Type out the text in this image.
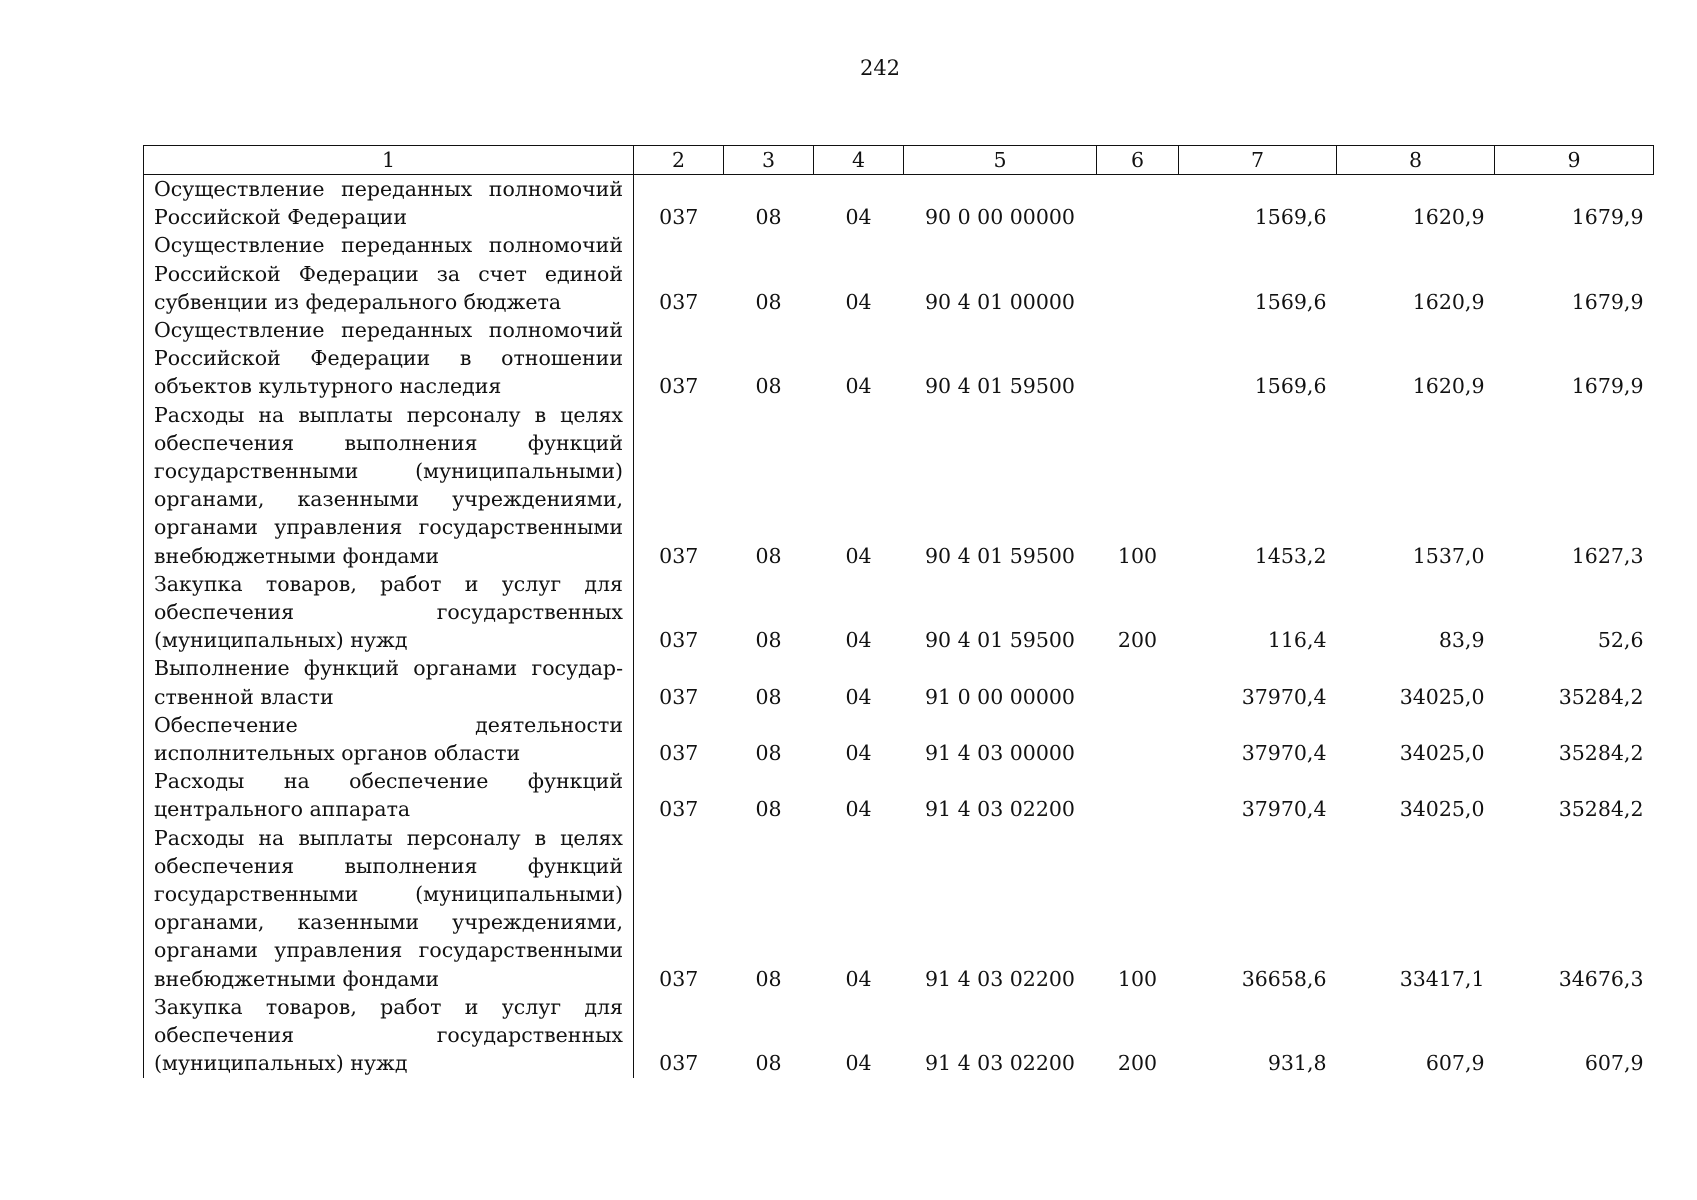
242
1	2	3	4	5	6	7	8	9
Осуществление переданных полномочий Российской Федерации	037	08	04	90 0 00 00000		1569,6	1620,9	1679,9
Осуществление переданных полномочий Российской Федерации за счет единой субвенции из федерального бюджета	037	08	04	90 4 01 00000		1569,6	1620,9	1679,9
Осуществление переданных полномочий Российской Федерации в отношении объектов культурного наследия	037	08	04	90 4 01 59500		1569,6	1620,9	1679,9
Расходы на выплаты персоналу в целях обеспечения выполнения функций государственными (муниципальными) органами, казенными учреждениями, органами управления государственными внебюджетными фондами	037	08	04	90 4 01 59500	100	1453,2	1537,0	1627,3
Закупка товаров, работ и услуг для обеспечения государственных (муниципальных) нужд	037	08	04	90 4 01 59500	200	116,4	83,9	52,6
Выполнение функций органами государственной власти	037	08	04	91 0 00 00000		37970,4	34025,0	35284,2
Обеспечение деятельности исполнительных органов области	037	08	04	91 4 03 00000		37970,4	34025,0	35284,2
Расходы на обеспечение функций центрального аппарата	037	08	04	91 4 03 02200		37970,4	34025,0	35284,2
Расходы на выплаты персоналу в целях обеспечения выполнения функций государственными (муниципальными) органами, казенными учреждениями, органами управления государственными внебюджетными фондами	037	08	04	91 4 03 02200	100	36658,6	33417,1	34676,3
Закупка товаров, работ и услуг для обеспечения государственных (муниципальных) нужд	037	08	04	91 4 03 02200	200	931,8	607,9	607,9
